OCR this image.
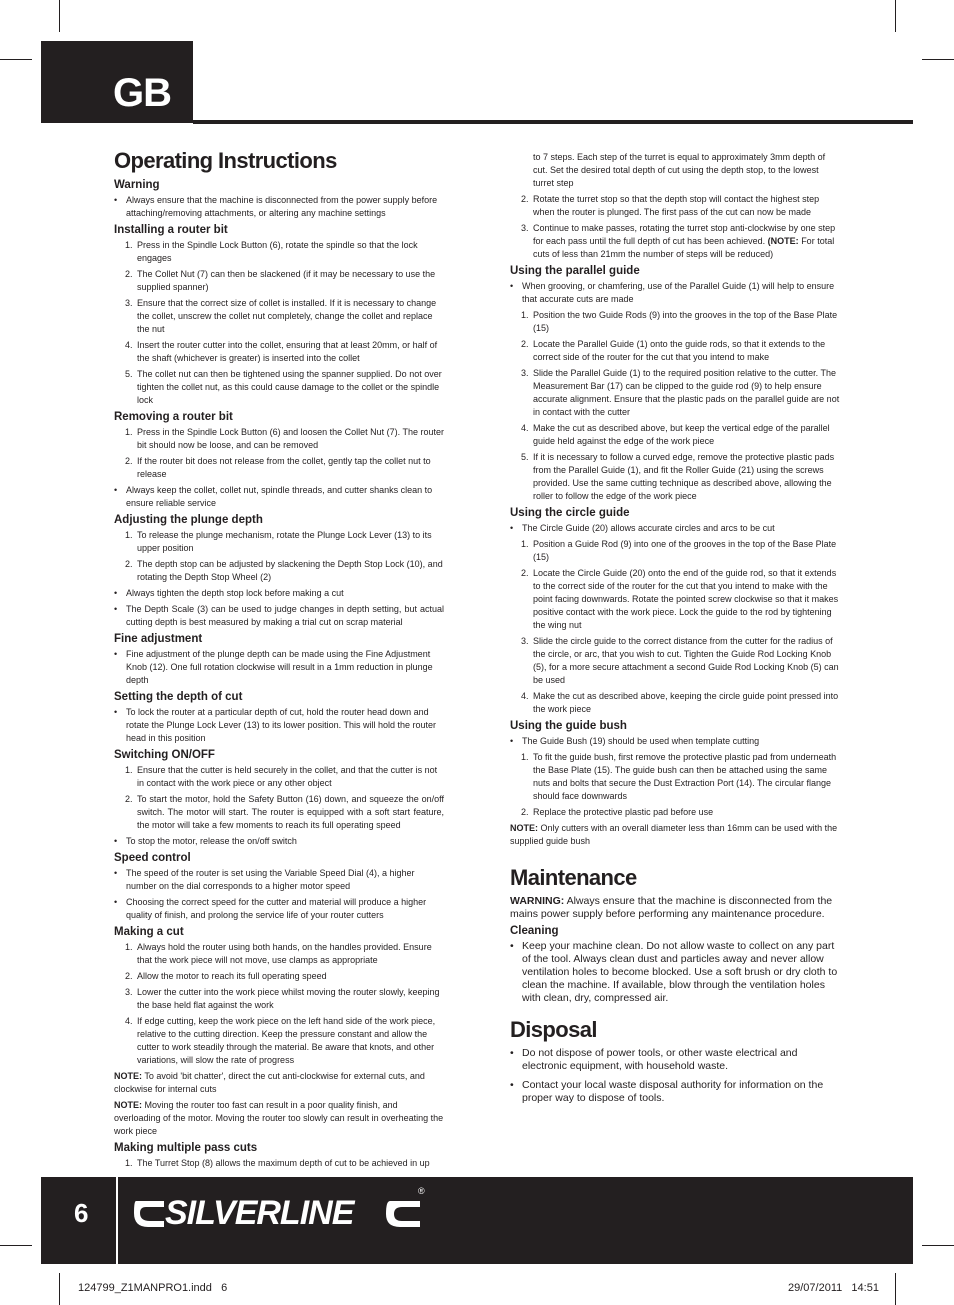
GB
Operating Instructions
Warning
• Always ensure that the machine is disconnected from the power supply before attaching/removing attachments, or altering any machine settings
Installing a router bit
1. Press in the Spindle Lock Button (6), rotate the spindle so that the lock engages
2. The Collet Nut (7) can then be slackened (if it may be necessary to use the supplied spanner)
3. Ensure that the correct size of collet is installed. If it is necessary to change the collet, unscrew the collet nut completely, change the collet and replace the nut
4. Insert the router cutter into the collet, ensuring that at least 20mm, or half of the shaft (whichever is greater) is inserted into the collet
5. The collet nut can then be tightened using the spanner supplied. Do not over tighten the collet nut, as this could cause damage to the collet or the spindle lock
Removing a router bit
1. Press in the Spindle Lock Button (6) and loosen the Collet Nut (7). The router bit should now be loose, and can be removed
2. If the router bit does not release from the collet, gently tap the collet nut to release
• Always keep the collet, collet nut, spindle threads, and cutter shanks clean to ensure reliable service
Adjusting the plunge depth
1. To release the plunge mechanism, rotate the Plunge Lock Lever (13) to its upper position
2. The depth stop can be adjusted by slackening the Depth Stop Lock (10), and rotating the Depth Stop Wheel (2)
• Always tighten the depth stop lock before making a cut
• The Depth Scale (3) can be used to judge changes in depth setting, but actual cutting depth is best measured by making a trial cut on scrap material
Fine adjustment
• Fine adjustment of the plunge depth can be made using the Fine Adjustment Knob (12). One full rotation clockwise will result in a 1mm reduction in plunge depth
Setting the depth of cut
• To lock the router at a particular depth of cut, hold the router head down and rotate the Plunge Lock Lever (13) to its lower position. This will hold the router head in this position
Switching ON/OFF
1. Ensure that the cutter is held securely in the collet, and that the cutter is not in contact with the work piece or any other object
2. To start the motor, hold the Safety Button (16) down, and squeeze the on/off switch. The motor will start. The router is equipped with a soft start feature, the motor will take a few moments to reach its full operating speed
• To stop the motor, release the on/off switch
Speed control
• The speed of the router is set using the Variable Speed Dial (4), a higher number on the dial corresponds to a higher motor speed
• Choosing the correct speed for the cutter and material will produce a higher quality of finish, and prolong the service life of your router cutters
Making a cut
1. Always hold the router using both hands, on the handles provided. Ensure that the work piece will not move, use clamps as appropriate
2. Allow the motor to reach its full operating speed
3. Lower the cutter into the work piece whilst moving the router slowly, keeping the base held flat against the work
4. If edge cutting, keep the work piece on the left hand side of the work piece, relative to the cutting direction. Keep the pressure constant and allow the cutter to work steadily through the material. Be aware that knots, and other variations, will slow the rate of progress

NOTE: To avoid 'bit chatter', direct the cut anti-clockwise for external cuts, and clockwise for internal cuts

NOTE: Moving the router too fast can result in a poor quality finish, and overloading of the motor. Moving the router too slowly can result in overheating the work piece

Making multiple pass cuts
1. The Turret Stop (8) allows the maximum depth of cut to be achieved in up

to 7 steps. Each step of the turret is equal to approximately 3mm depth of cut. Set the desired total depth of cut using the depth stop, to the lowest turret step

2. Rotate the turret stop so that the depth stop will contact the highest step when the router is plunged. The first pass of the cut can now be made
3. Continue to make passes, rotating the turret stop anti-clockwise by one step for each pass until the full depth of cut has been achieved. (NOTE: For total cuts of less than 21mm the number of steps will be reduced)
Using the parallel guide
• When grooving, or chamfering, use of the Parallel Guide (1) will help to ensure that accurate cuts are made
1. Position the two Guide Rods (9) into the grooves in the top of the Base Plate (15)
2. Locate the Parallel Guide (1) onto the guide rods, so that it extends to the correct side of the router for the cut that you intend to make
3. Slide the Parallel Guide (1) to the required position relative to the cutter. The Measurement Bar (17) can be clipped to the guide rod (9) to help ensure accurate alignment. Ensure that the plastic pads on the parallel guide are not in contact with the cutter
4. Make the cut as described above, but keep the vertical edge of the parallel guide held against the edge of the work piece
5. If it is necessary to follow a curved edge, remove the protective plastic pads from the Parallel Guide (1), and fit the Roller Guide (21) using the screws provided. Use the same cutting technique as described above, allowing the roller to follow the edge of the work piece
Using the circle guide
• The Circle Guide (20) allows accurate circles and arcs to be cut
1. Position a Guide Rod (9) into one of the grooves in the top of the Base Plate (15)
2. Locate the Circle Guide (20) onto the end of the guide rod, so that it extends to the correct side of the router for the cut that you intend to make with the point facing downwards. Rotate the pointed screw clockwise so that it makes positive contact with the work piece. Lock the guide to the rod by tightening the wing nut
3. Slide the circle guide to the correct distance from the cutter for the radius of the circle, or arc, that you wish to cut. Tighten the Guide Rod Locking Knob (5), for a more secure attachment a second Guide Rod Locking Knob (5) can be used
4. Make the cut as described above, keeping the circle guide point pressed into the work piece
Using the guide bush
• The Guide Bush (19) should be used when template cutting
1. To fit the guide bush, first remove the protective plastic pad from underneath the Base Plate (15). The guide bush can then be attached using the same nuts and bolts that secure the Dust Extraction Port (14). The circular flange should face downwards
2. Replace the protective plastic pad before use

NOTE: Only cutters with an overall diameter less than 16mm can be used with the supplied guide bush

Maintenance

WARNING: Always ensure that the machine is disconnected from the mains power supply before performing any maintenance procedure.

Cleaning
• Keep your machine clean. Do not allow waste to collect on any part of the tool. Always clean dust and particles away and never allow ventilation holes to become blocked. Use a soft brush or dry cloth to clean the machine. If available, blow through the ventilation holes with clean, dry, compressed air.
Disposal
• Do not dispose of power tools, or other waste electrical and electronic equipment, with household waste.
• Contact your local waste disposal authority for information on the proper way to dispose of tools.
6 SILVERLINE
®
124799_Z1MANPRO1.indd   6	29/07/2011   14:51
